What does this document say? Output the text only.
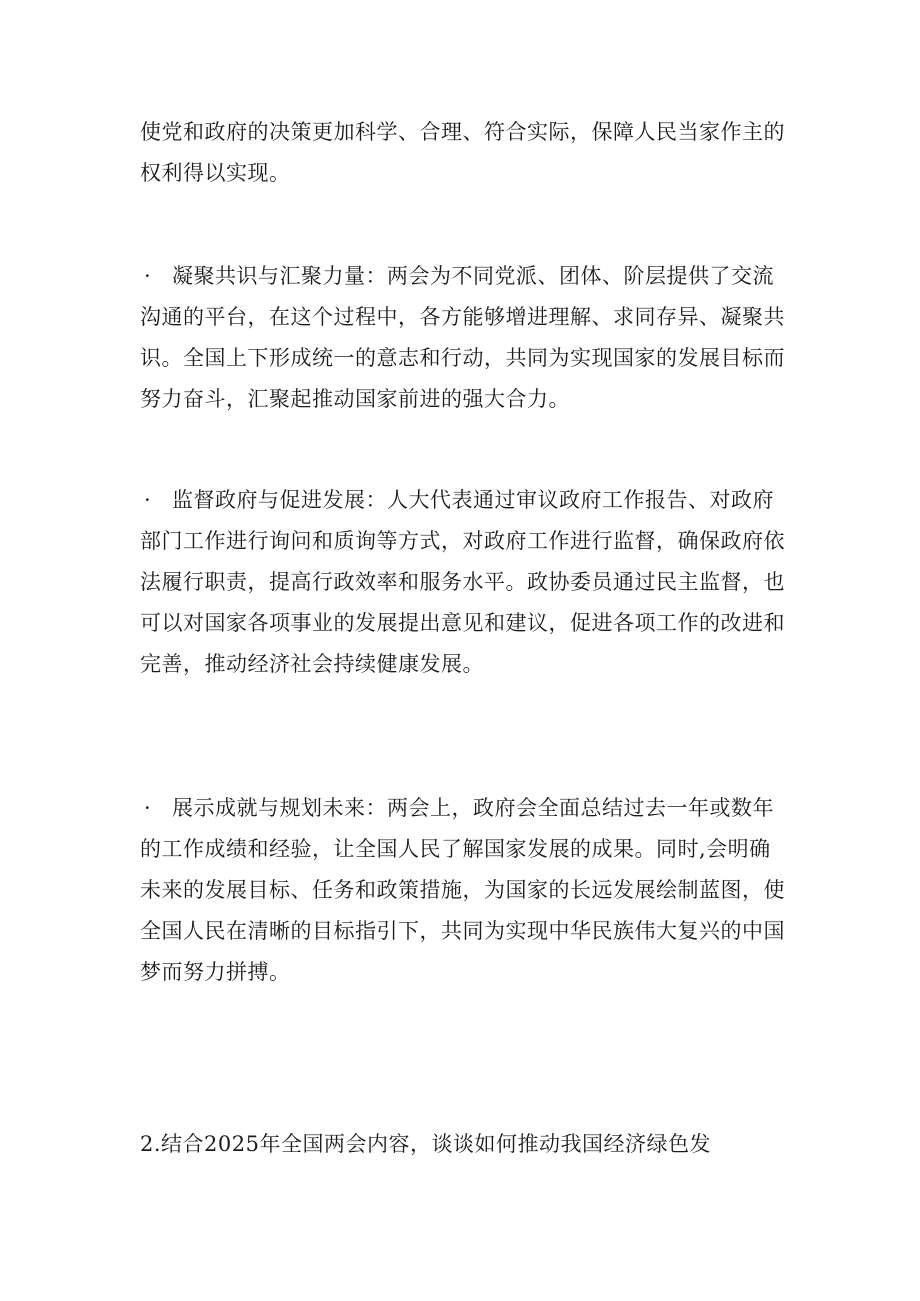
使党和政府的决策更加科学、合理、符合实际，保障人民当家作主的权利得以实现。

· 凝聚共识与汇聚力量：两会为不同党派、团体、阶层提供了交流沟通的平台，在这个过程中，各方能够增进理解、求同存异、凝聚共识。全国上下形成统一的意志和行动，共同为实现国家的发展目标而努力奋斗，汇聚起推动国家前进的强大合力。

· 监督政府与促进发展：人大代表通过审议政府工作报告、对政府部门工作进行询问和质询等方式，对政府工作进行监督，确保政府依法履行职责，提高行政效率和服务水平。政协委员通过民主监督，也可以对国家各项事业的发展提出意见和建议，促进各项工作的改进和完善，推动经济社会持续健康发展。

· 展示成就与规划未来：两会上，政府会全面总结过去一年或数年的工作成绩和经验，让全国人民了解国家发展的成果。同时,会明确未来的发展目标、任务和政策措施，为国家的长远发展绘制蓝图，使全国人民在清晰的目标指引下，共同为实现中华民族伟大复兴的中国梦而努力拼搏。

2.结合2025年全国两会内容，谈谈如何推动我国经济绿色发
